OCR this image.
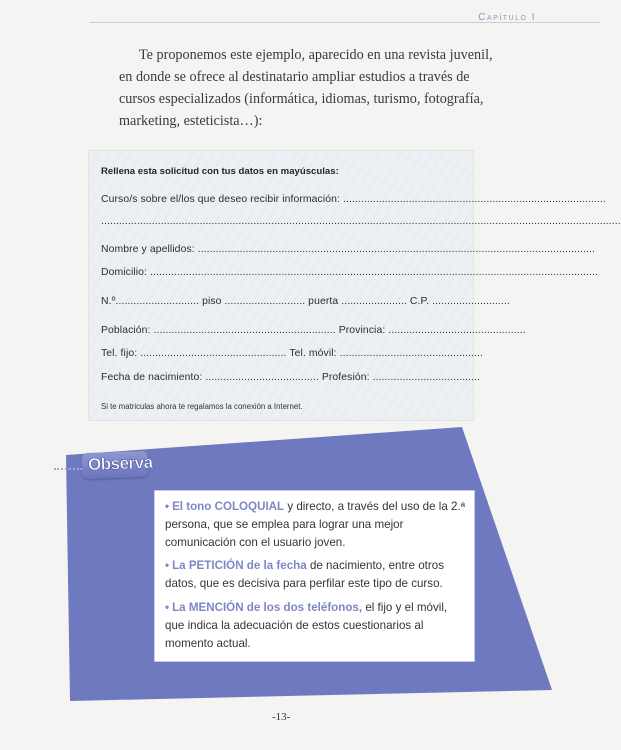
Capítulo I

Te proponemos este ejemplo, aparecido en una revista juvenil, en donde se ofrece al destinatario ampliar estudios a través de cursos especializados (informática, idiomas, turismo, fotografía, marketing, esteticista…):

Rellena esta solicitud con tus datos en mayúsculas:
Curso/s sobre el/los que deseo recibir información: ........................................................................................
..............................................................................................................................................................................
Nombre y apellidos: .....................................................................................................................................
Domicilio: ......................................................................................................................................................
N.º............................ piso ........................... puerta ...................... C.P. ..........................
Población: ............................................................. Provincia: ..............................................
Tel. fijo: ................................................. Tel. móvil: ................................................
Fecha de nacimiento: ...................................... Profesión: ....................................
Si te matriculas ahora te regalamos la conexión a Internet.
Observa

• El tono COLOQUIAL y directo, a través del uso de la 2.ª persona, que se emplea para lograr una mejor comunicación con el usuario joven.

• La PETICIÓN de la fecha de nacimiento, entre otros datos, que es decisiva para perfilar este tipo de curso.

• La MENCIÓN de los dos teléfonos, el fijo y el móvil, que indica la adecuación de estos cuestionarios al momento actual.

-13-
